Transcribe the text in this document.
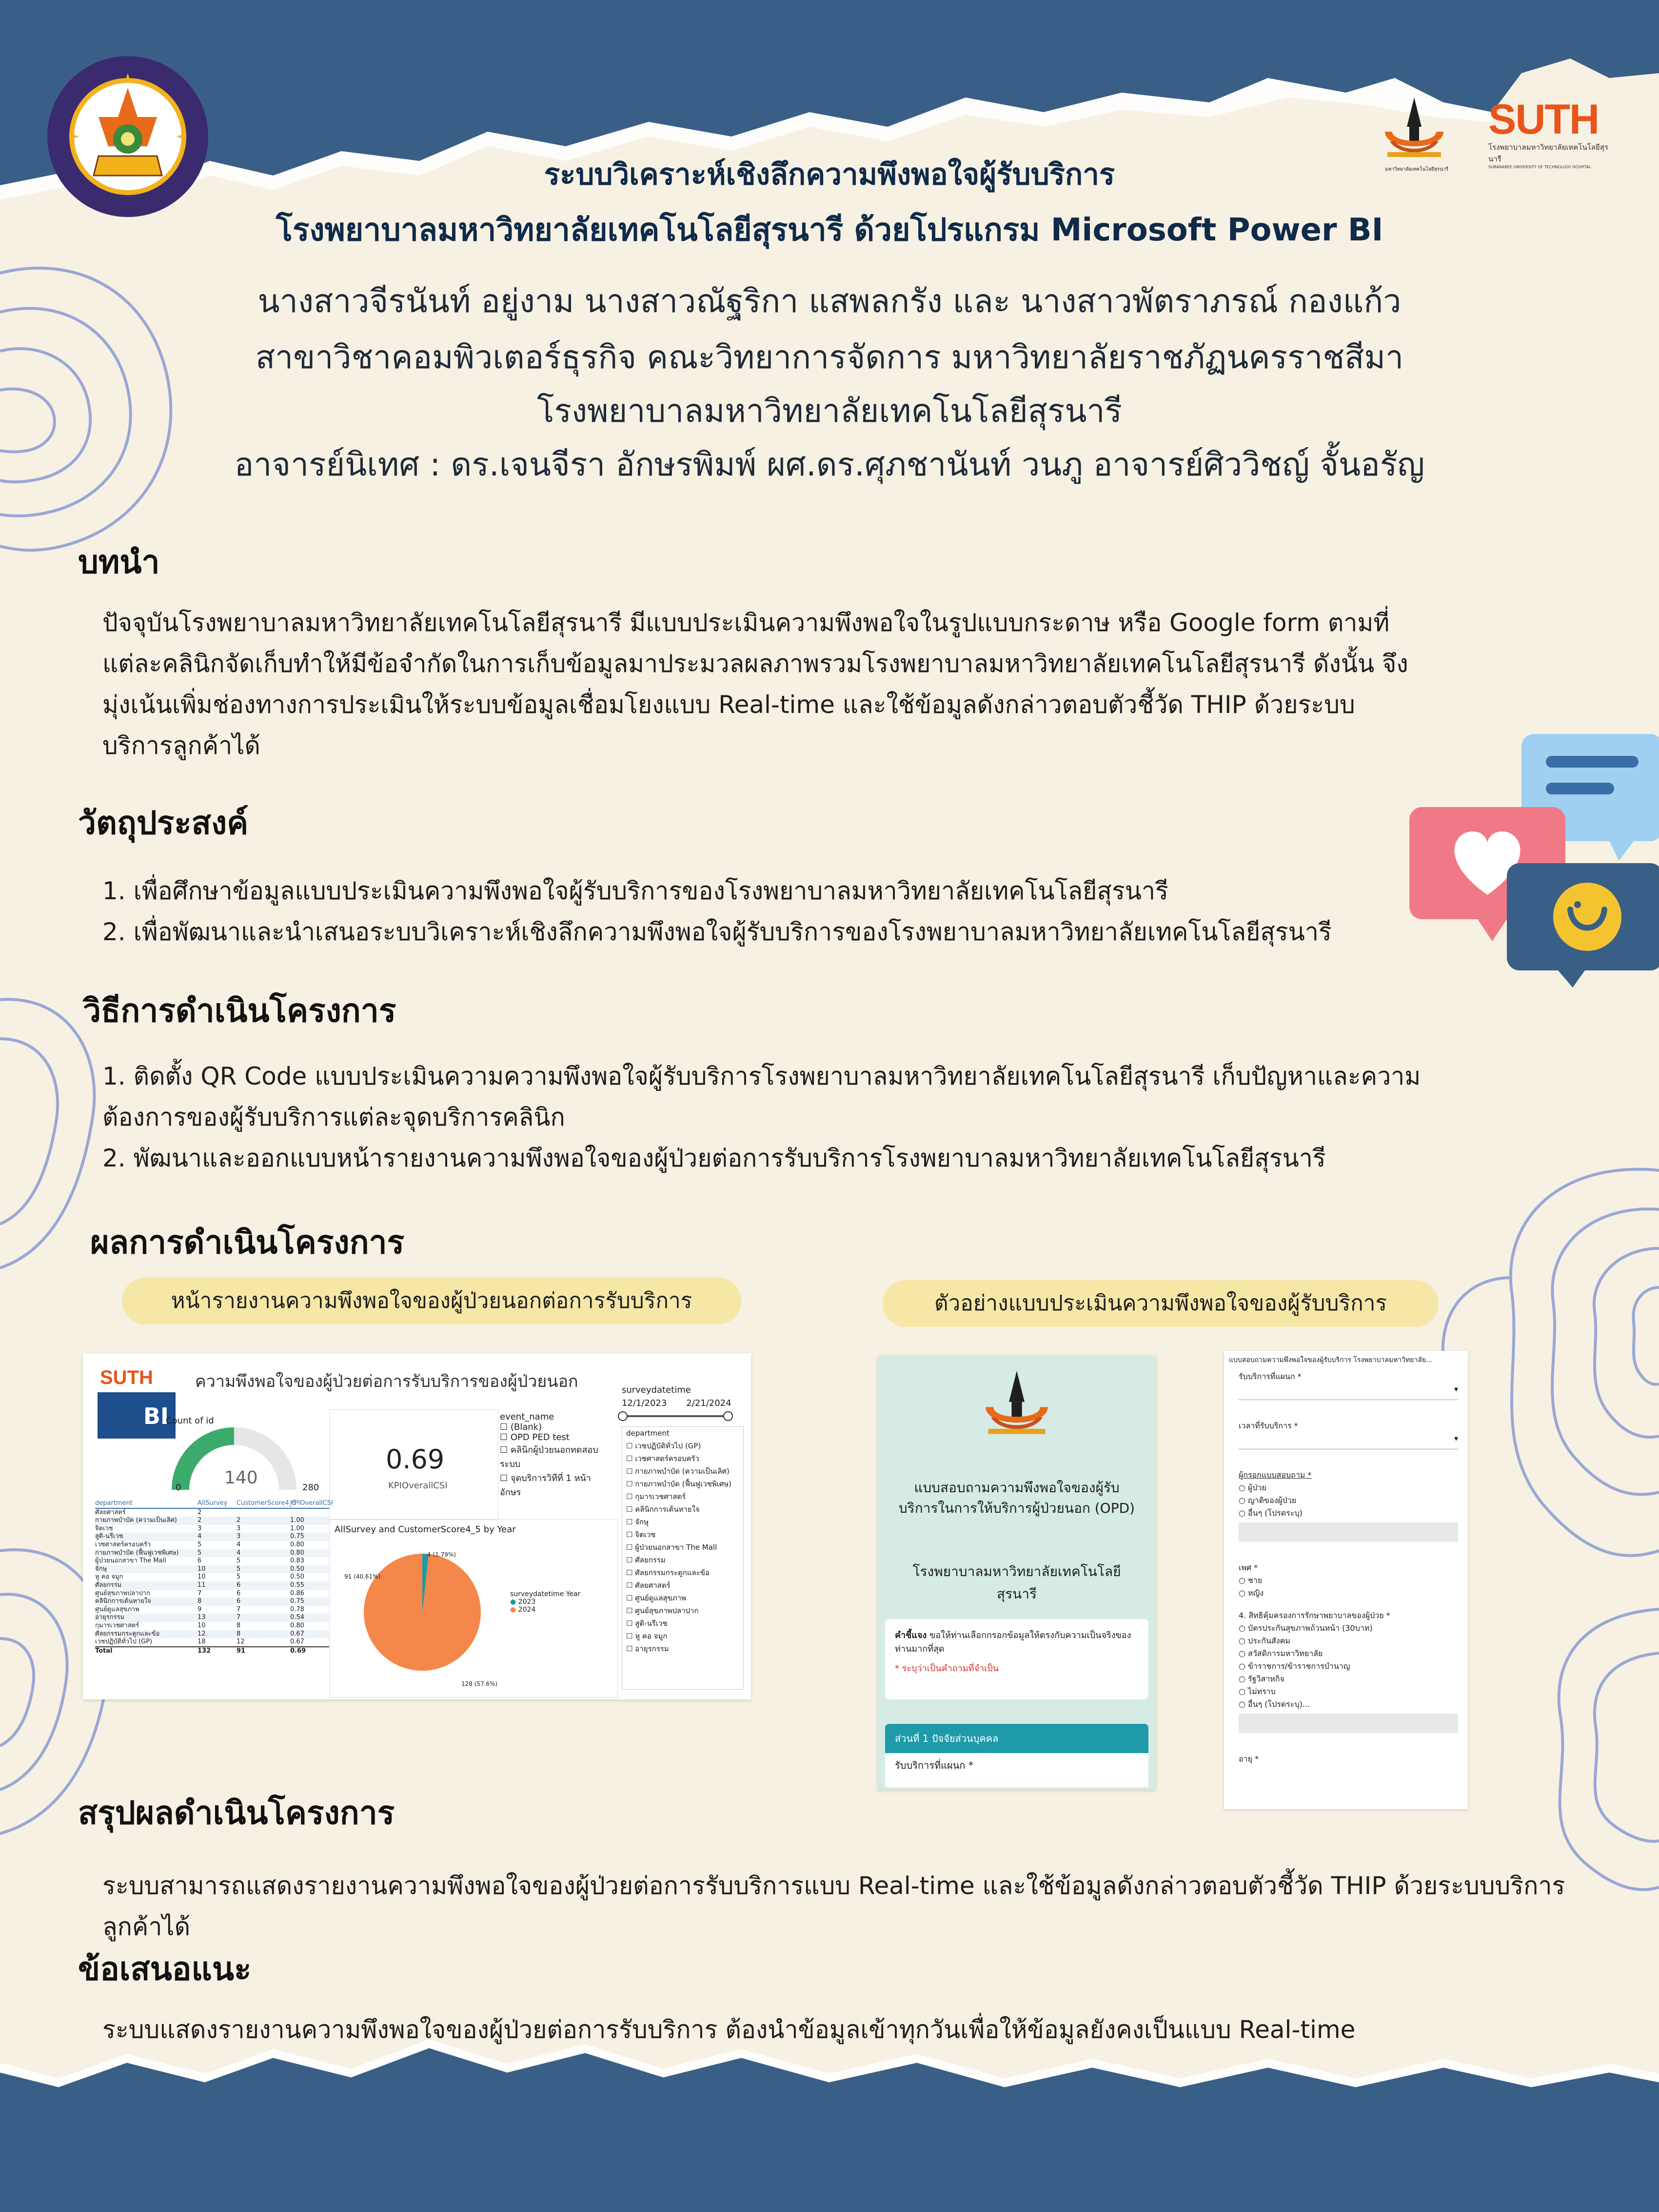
มหาวิทยาลัยเทคโนโลยีสุรนารี
SUTH
โรงพยาบาลมหาวิทยาลัยเทคโนโลยีสุรนารี
SURANAREE UNIVERSITY OF TECHNOLOGY HOSPITAL
ระบบวิเคราะห์เชิงลึกความพึงพอใจผู้รับบริการ
โรงพยาบาลมหาวิทยาลัยเทคโนโลยีสุรนารี ด้วยโปรแกรม Microsoft Power BI
นางสาวจีรนันท์ อยู่งาม นางสาวณัฐริกา แสพลกรัง และ นางสาวพัตราภรณ์ กองแก้ว
สาขาวิชาคอมพิวเตอร์ธุรกิจ คณะวิทยาการจัดการ มหาวิทยาลัยราชภัฏนครราชสีมา
โรงพยาบาลมหาวิทยาลัยเทคโนโลยีสุรนารี
อาจารย์นิเทศ : ดร.เจนจีรา อักษรพิมพ์ ผศ.ดร.ศุภชานันท์ วนภู อาจารย์ศิววิชญ์ จั้นอรัญ
บทนำ
ปัจจุบันโรงพยาบาลมหาวิทยาลัยเทคโนโลยีสุรนารี มีแบบประเมินความพึงพอใจในรูปแบบกระดาษ หรือ Google form ตามที่
แต่ละคลินิกจัดเก็บทำให้มีข้อจำกัดในการเก็บข้อมูลมาประมวลผลภาพรวมโรงพยาบาลมหาวิทยาลัยเทคโนโลยีสุรนารี ดังนั้น จึง
มุ่งเน้นเพิ่มช่องทางการประเมินให้ระบบข้อมูลเชื่อมโยงแบบ Real-time และใช้ข้อมูลดังกล่าวตอบตัวชี้วัด THIP ด้วยระบบ
บริการลูกค้าได้
วัตถุประสงค์
1. เพื่อศึกษาข้อมูลแบบประเมินความพึงพอใจผู้รับบริการของโรงพยาบาลมหาวิทยาลัยเทคโนโลยีสุรนารี
2. เพื่อพัฒนาและนำเสนอระบบวิเคราะห์เชิงลึกความพึงพอใจผู้รับบริการของโรงพยาบาลมหาวิทยาลัยเทคโนโลยีสุรนารี
วิธีการดำเนินโครงการ
1. ติดตั้ง QR Code แบบประเมินความความพึงพอใจผู้รับบริการโรงพยาบาลมหาวิทยาลัยเทคโนโลยีสุรนารี เก็บปัญหาและความ
ต้องการของผู้รับบริการแต่ละจุดบริการคลินิก
2. พัฒนาและออกแบบหน้ารายงานความพึงพอใจของผู้ป่วยต่อการรับบริการโรงพยาบาลมหาวิทยาลัยเทคโนโลยีสุรนารี
ผลการดำเนินโครงการ
หน้ารายงานความพึงพอใจของผู้ป่วยนอกต่อการรับบริการ	ตัวอย่างแบบประเมินความพึงพอใจของผู้รับบริการ
SUTH
BI
ความพึงพอใจของผู้ป่วยต่อการรับบริการของผู้ป่วยนอก
Count of id
140
0	280
0.69
KPIOverallCSI
event_name
☐ (Blank)
☐ OPD PED test
☐ คลินิกผู้ป่วยนอกทดสอบระบบ
☐ จุดบริการวิทีที่ 1 หน้าอักษร
surveydatetime
12/1/2023 2/21/2024
department
☐ เวชปฏิบัติทั่วไป (GP)
☐ เวชศาสตร์ครอบครัว
☐ กายภาพบำบัด (ความเป็นเลิศ)
☐ กายภาพบำบัด (ฟื้นฟูเวชพิเศษ)
☐ กุมารเวชศาสตร์
☐ คลินิกการเต้นหายใจ
☐ จักษุ
☐ จิตเวช
☐ ผู้ป่วยนอกสาขา The Mall
☐ ศัลยกรรม
☐ ศัลยกรรมกระดูกและข้อ
☐ ศัลยศาสตร์
☐ ศูนย์ดูแลสุขภาพ
☐ ศูนย์สุขภาพปลาปาก
☐ สูติ-นรีเวช
☐ หู คอ จมูก
☐ อายุรกรรม
department	AllSurvey	CustomerScore4_5
KPIOverallCSI
ศัลยศาสตร์	2
กายภาพบำบัด (ความเป็นเลิศ)	2	2	1.00
จิตเวช	3	3	1.00
สูติ-นรีเวช	4	3	0.75
เวชศาสตร์ครอบครัว	5	4	0.80
กายภาพบำบัด (ฟื้นฟูเวชพิเศษ)	5	4	0.80
ผู้ป่วยนอกสาขา The Mall	6	5	0.83
จักษุ	10	5	0.50
หู คอ จมูก	10	5	0.50
ศัลยกรรม	11	6	0.55
ศูนย์สุขภาพปลาปาก	7	6	0.86
คลินิกการเต้นหายใจ	8	6	0.75
ศูนย์ดูแลสุขภาพ	9	7	0.78
อายุรกรรม	13	7	0.54
กุมารเวชศาสตร์	10	8	0.80
ศัลยกรรมกระดูกและข้อ	12	8	0.67
เวชปฏิบัติทั่วไป (GP)	18	12	0.67
Total	132	91	0.69
AllSurvey and CustomerScore4_5 by Year
4 (1.79%)
91 (40.61%)
128 (57.6%)
surveydatetime Year
● 2023
● 2024
แบบสอบถามความพึงพอใจของผู้รับบริการในการให้บริการผู้ป่วยนอก (OPD)
โรงพยาบาลมหาวิทยาลัยเทคโนโลยีสุรนารี
คำชี้แจง ขอให้ท่านเลือกกรอกข้อมูลให้ตรงกับความเป็นจริงของท่านมากที่สุด
* ระบุว่าเป็นคำถามที่จำเป็น
ส่วนที่ 1 ปัจจัยส่วนบุคคล
รับบริการที่แผนก *
แบบสอบถามความพึงพอใจของผู้รับบริการ โรงพยาบาลมหาวิทยาลัย...
รับบริการที่แผนก *
▾
เวลาที่รับบริการ *
▾
ผู้กรอกแบบสอบถาม *
○ ผู้ป่วย
○ ญาติของผู้ป่วย
○ อื่นๆ (โปรดระบุ)
เพศ *
○ ชาย
○ หญิง
4. สิทธิคุ้มครองการรักษาพยาบาลของผู้ป่วย *
○ บัตรประกันสุขภาพถ้วนหน้า (30บาท)
○ ประกันสังคม
○ สวัสดิการมหาวิทยาลัย
○ ข้าราชการ/ข้าราชการบำนาญ
○ รัฐวิสาหกิจ
○ ไม่ทราบ
○ อื่นๆ (โปรดระบุ)...
อายุ *
สรุปผลดำเนินโครงการ
ระบบสามารถแสดงรายงานความพึงพอใจของผู้ป่วยต่อการรับบริการแบบ Real-time และใช้ข้อมูลดังกล่าวตอบตัวชี้วัด THIP ด้วยระบบบริการลูกค้าได้
ข้อเสนอแนะ
ระบบแสดงรายงานความพึงพอใจของผู้ป่วยต่อการรับบริการ ต้องนำข้อมูลเข้าทุกวันเพื่อให้ข้อมูลยังคงเป็นแบบ Real-time
